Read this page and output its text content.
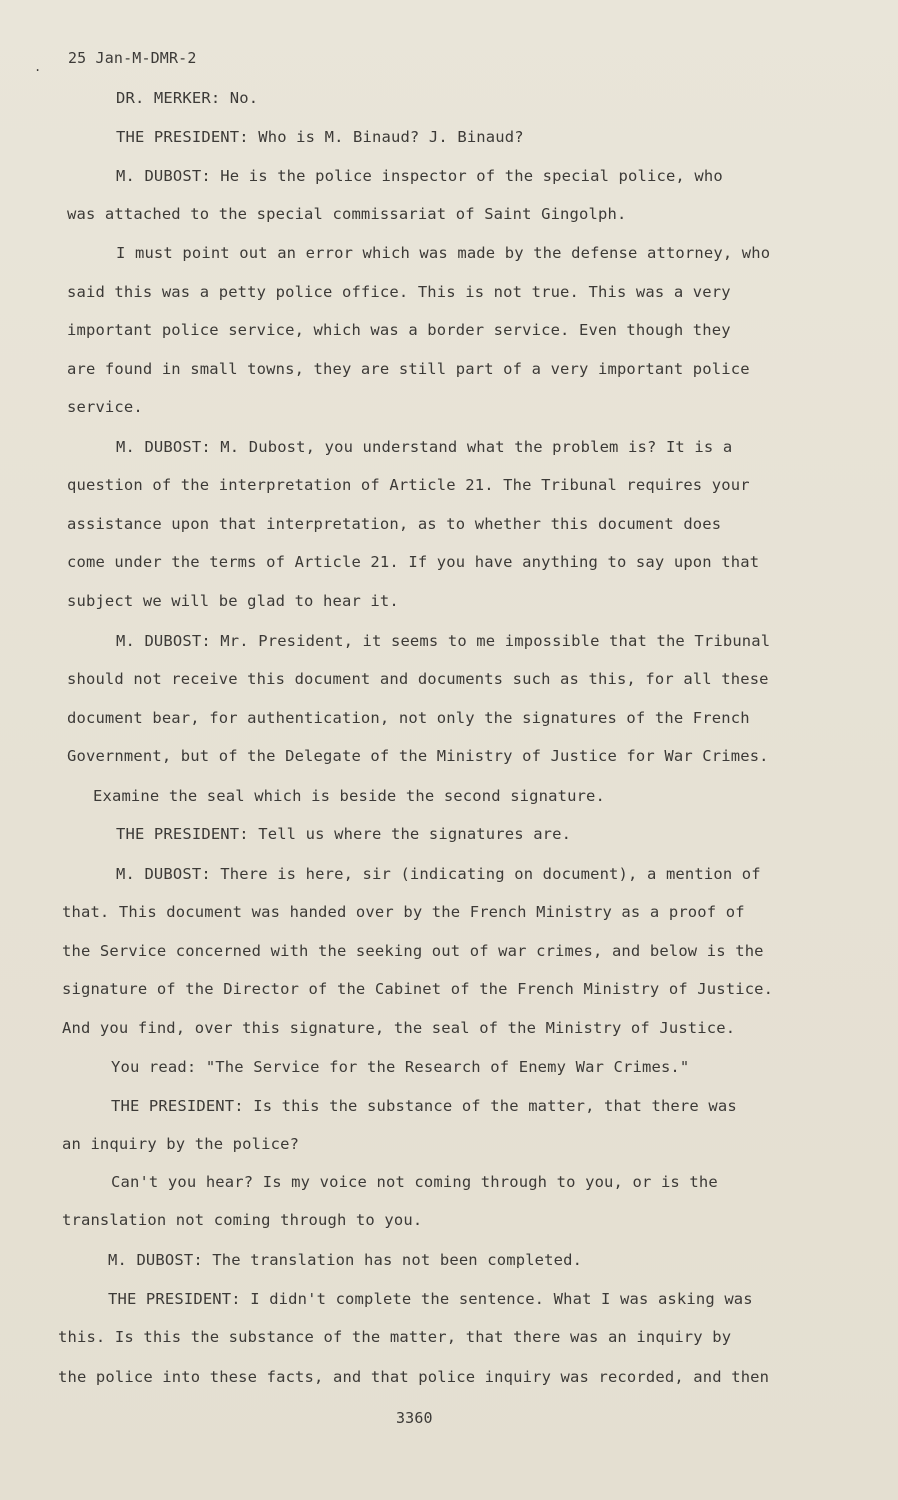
. 25 Jan-M-DMR-2
DR. MERKER: No.
THE PRESIDENT: Who is M. Binaud? J. Binaud?
M. DUBOST: He is the police inspector of the special police, who
was attached to the special commissariat of Saint Gingolph.
I must point out an error which was made by the defense attorney, who
said this was a petty police office. This is not true. This was a very
important police service, which was a border service. Even though they
are found in small towns, they are still part of a very important police
service.
M. DUBOST: M. Dubost, you understand what the problem is? It is a
question of the interpretation of Article 21. The Tribunal requires your
assistance upon that interpretation, as to whether this document does
come under the terms of Article 21. If you have anything to say upon that
subject we will be glad to hear it.
M. DUBOST: Mr. President, it seems to me impossible that the Tribunal
should not receive this document and documents such as this, for all these
document bear, for authentication, not only the signatures of the French
Government, but of the Delegate of the Ministry of Justice for War Crimes.
Examine the seal which is beside the second signature.
THE PRESIDENT: Tell us where the signatures are.
M. DUBOST: There is here, sir (indicating on document), a mention of
that. This document was handed over by the French Ministry as a proof of
the Service concerned with the seeking out of war crimes, and below is the
signature of the Director of the Cabinet of the French Ministry of Justice.
And you find, over this signature, the seal of the Ministry of Justice.
You read: "The Service for the Research of Enemy War Crimes."
THE PRESIDENT: Is this the substance of the matter, that there was
an inquiry by the police?
Can't you hear? Is my voice not coming through to you, or is the
translation not coming through to you.
M. DUBOST: The translation has not been completed.
THE PRESIDENT: I didn't complete the sentence. What I was asking was
this. Is this the substance of the matter, that there was an inquiry by
the police into these facts, and that police inquiry was recorded, and then
3360
